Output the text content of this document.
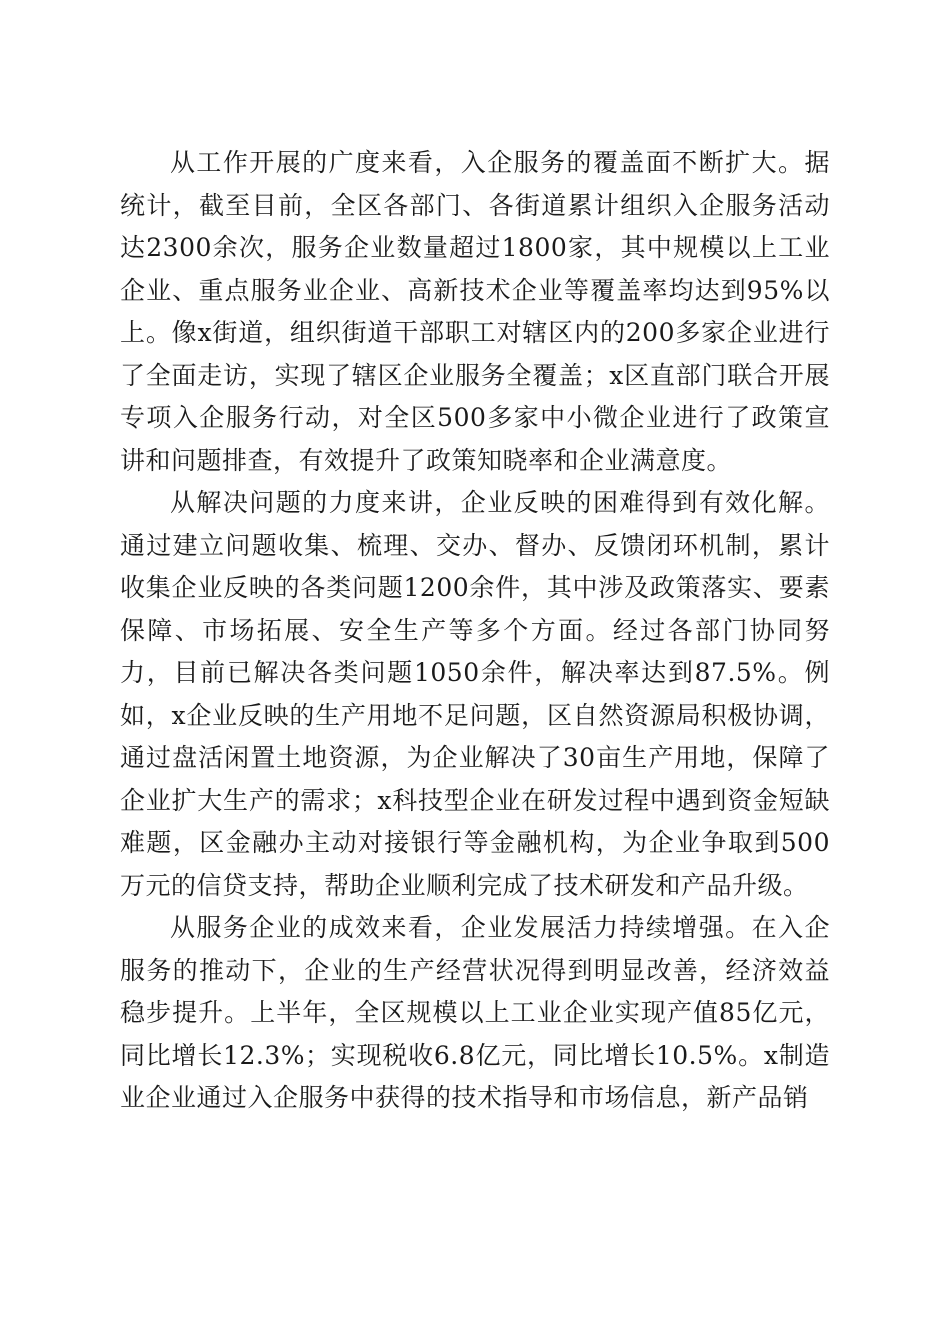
从工作开展的广度来看，入企服务的覆盖面不断扩大。据统计，截至目前，全区各部门、各街道累计组织入企服务活动达2300余次，服务企业数量超过1800家，其中规模以上工业企业、重点服务业企业、高新技术企业等覆盖率均达到95%以上。像x街道，组织街道干部职工对辖区内的200多家企业进行了全面走访，实现了辖区企业服务全覆盖；x区直部门联合开展专项入企服务行动，对全区500多家中小微企业进行了政策宣讲和问题排查，有效提升了政策知晓率和企业满意度。

从解决问题的力度来讲，企业反映的困难得到有效化解。通过建立问题收集、梳理、交办、督办、反馈闭环机制，累计收集企业反映的各类问题1200余件，其中涉及政策落实、要素保障、市场拓展、安全生产等多个方面。经过各部门协同努力，目前已解决各类问题1050余件，解决率达到87.5%。例如，x企业反映的生产用地不足问题，区自然资源局积极协调，通过盘活闲置土地资源，为企业解决了30亩生产用地，保障了企业扩大生产的需求；x科技型企业在研发过程中遇到资金短缺难题，区金融办主动对接银行等金融机构，为企业争取到500万元的信贷支持，帮助企业顺利完成了技术研发和产品升级。

从服务企业的成效来看，企业发展活力持续增强。在入企服务的推动下，企业的生产经营状况得到明显改善，经济效益稳步提升。上半年，全区规模以上工业企业实现产值85亿元，同比增长12.3%；实现税收6.8亿元，同比增长10.5%。x制造业企业通过入企服务中获得的技术指导和市场信息，新产品销
